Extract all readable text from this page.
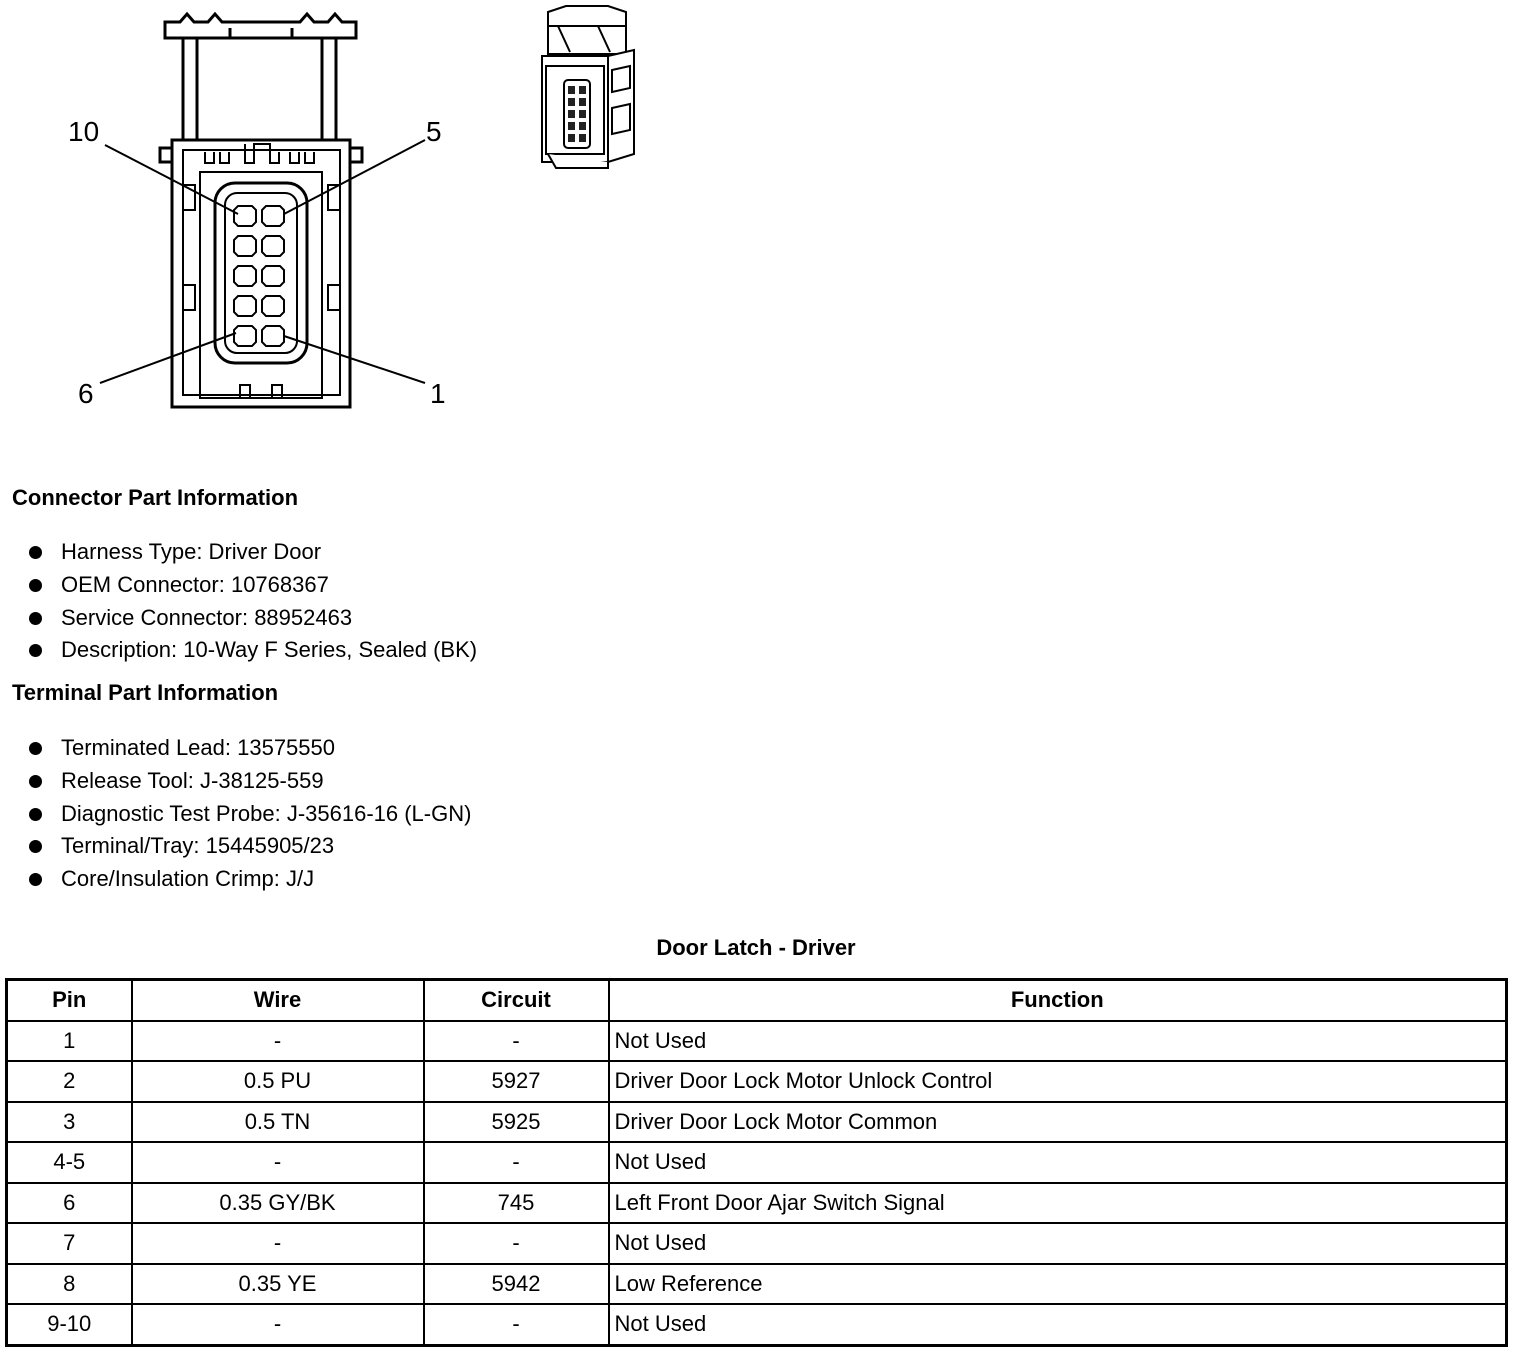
10	5
6	1
Connector Part Information
Harness Type: Driver Door
OEM Connector: 10768367
Service Connector: 88952463
Description: 10-Way F Series, Sealed (BK)
Terminal Part Information
Terminated Lead: 13575550
Release Tool: J-38125-559
Diagnostic Test Probe: J-35616-16 (L-GN)
Terminal/Tray: 15445905/23
Core/Insulation Crimp: J/J
Door Latch - Driver
Pin	Wire	Circuit	Function
1	-	-	Not Used
2	0.5 PU	5927	Driver Door Lock Motor Unlock Control
3	0.5 TN	5925	Driver Door Lock Motor Common
4-5	-	-	Not Used
6	0.35 GY/BK	745	Left Front Door Ajar Switch Signal
7	-	-	Not Used
8	0.35 YE	5942	Low Reference
9-10	-	-	Not Used
